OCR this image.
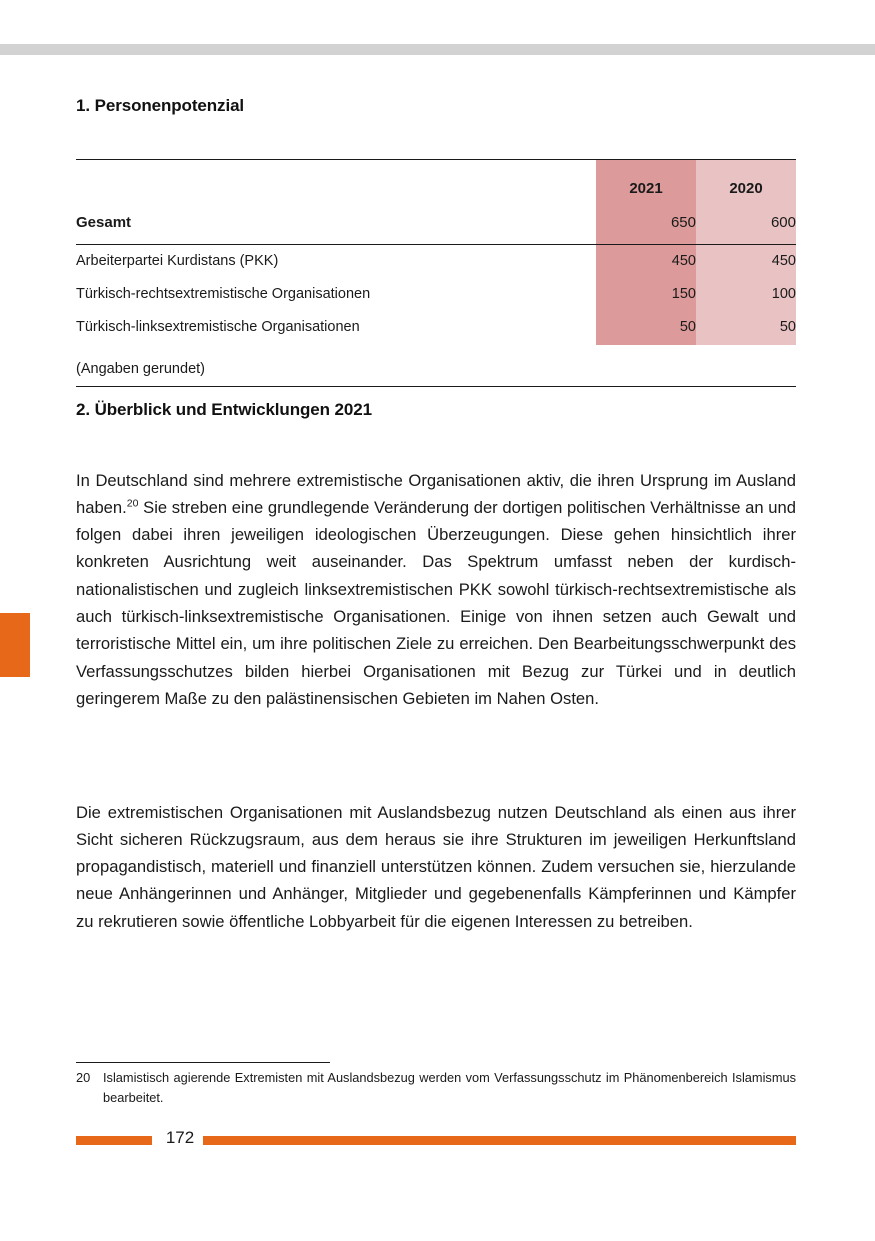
1. Personenpotenzial
	2021	2020
Gesamt	650	600
Arbeiterpartei Kurdistans (PKK)	450	450
Türkisch-rechtsextremistische Organisationen	150	100
Türkisch-linksextremistische Organisationen	50	50
(Angaben gerundet)		
2. Überblick und Entwicklungen 2021

In Deutschland sind mehrere extremistische Organisationen aktiv, die ihren Ursprung im Ausland haben.$^{20}$ Sie streben eine grundlegende Veränderung der dortigen politischen Verhältnisse an und folgen dabei ihren jeweiligen ideologischen Überzeugungen. Diese gehen hinsichtlich ihrer konkreten Ausrichtung weit auseinander. Das Spektrum umfasst neben der kurdisch-nationalistischen und zugleich linksextremistischen PKK sowohl türkisch-rechtsextremistische als auch türkisch-linksextremistische Organisationen. Einige von ihnen setzen auch Gewalt und terroristische Mittel ein, um ihre politischen Ziele zu erreichen. Den Bearbeitungsschwerpunkt des Verfassungsschutzes bilden hierbei Organisationen mit Bezug zur Türkei und in deutlich geringerem Maße zu den palästinensischen Gebieten im Nahen Osten.

Die extremistischen Organisationen mit Auslandsbezug nutzen Deutschland als einen aus ihrer Sicht sicheren Rückzugsraum, aus dem heraus sie ihre Strukturen im jeweiligen Herkunftsland propagandistisch, materiell und finanziell unterstützen können. Zudem versuchen sie, hierzulande neue Anhängerinnen und Anhänger, Mitglieder und gegebenenfalls Kämpferinnen und Kämpfer zu rekrutieren sowie öffentliche Lobbyarbeit für die eigenen Interessen zu betreiben.

20 Islamistisch agierende Extremisten mit Auslandsbezug werden vom Verfassungsschutz im Phänomenbereich Islamismus bearbeitet.
172
